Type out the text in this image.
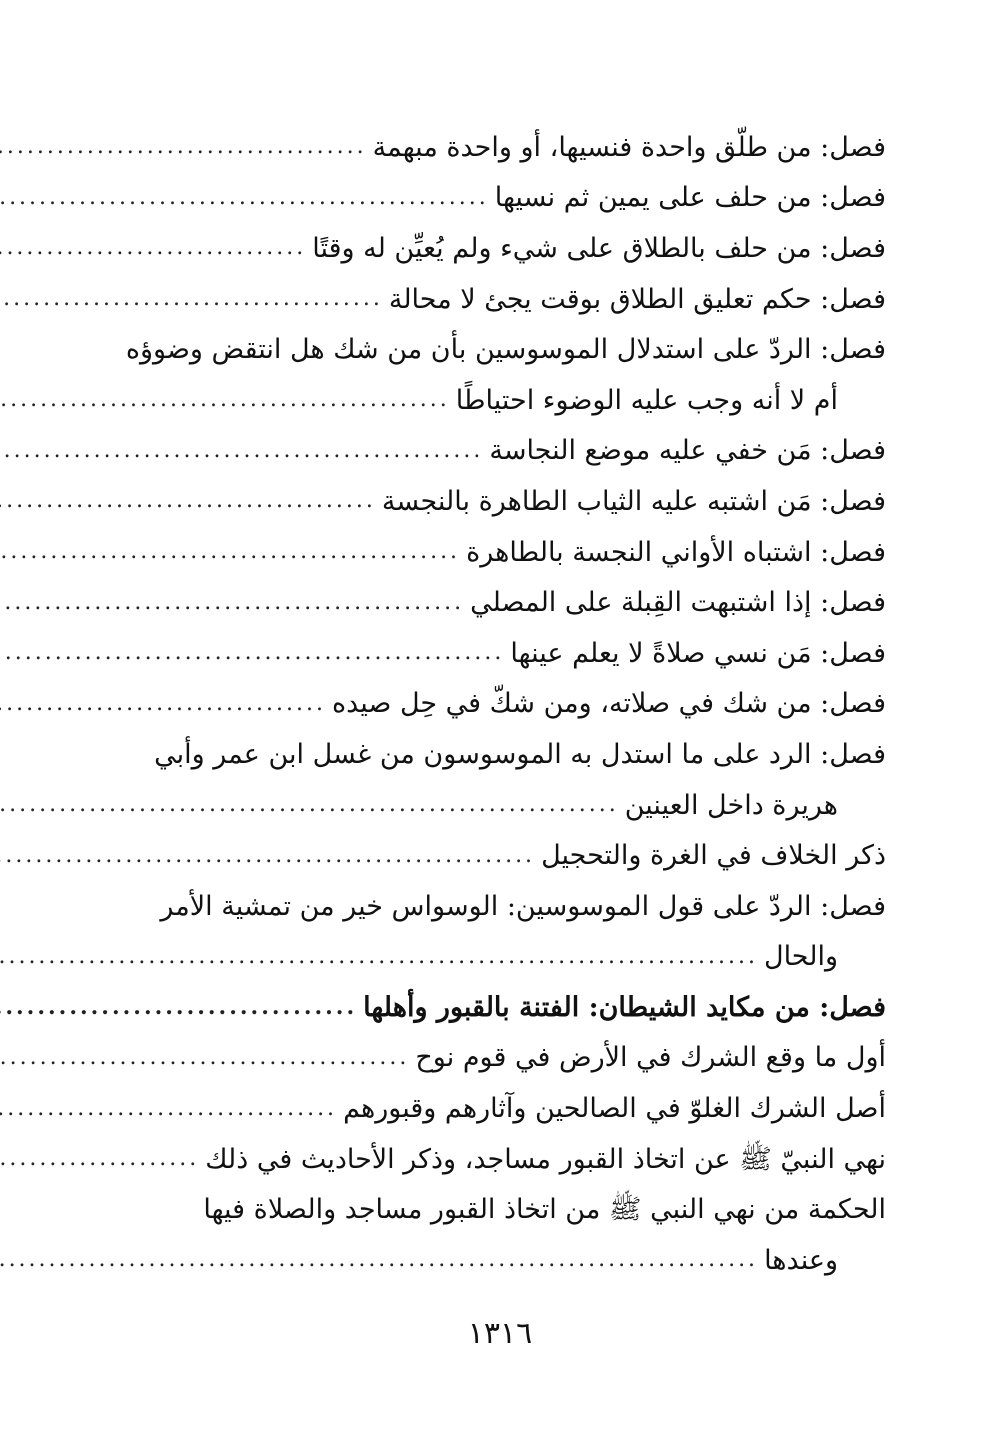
فصل: من طلّق واحدة فنسيها، أو واحدة مبهمة
.....
فصل: من حلف على يمين ثم نسيها
.....
فصل: من حلف بالطلاق على شيء ولم يُعيِّن له وقتًا
.....
فصل: حكم تعليق الطلاق بوقت يجئ لا محالة
.....
فصل: الردّ على استدلال الموسوسين بأن من شك هل انتقض وضوؤه
أم لا أنه وجب عليه الوضوء احتياطًا
.....
فصل: مَن خفي عليه موضع النجاسة
.....
فصل: مَن اشتبه عليه الثياب الطاهرة بالنجسة
.....
فصل: اشتباه الأواني النجسة بالطاهرة
.....
فصل: إذا اشتبهت القِبلة على المصلي
.....
فصل: مَن نسي صلاةً لا يعلم عينها
.....
فصل: من شك في صلاته، ومن شكّ في حِل صيده
.....
فصل: الرد على ما استدل به الموسوسون من غسل ابن عمر وأبي
هريرة داخل العينين
.....
ذكر الخلاف في الغرة والتحجيل
.....
فصل: الردّ على قول الموسوسين: الوسواس خير من تمشية الأمر
والحال
.....
فصل: من مكايد الشيطان: الفتنة بالقبور وأهلها
.....
أول ما وقع الشرك في الأرض في قوم نوح
.....
أصل الشرك الغلوّ في الصالحين وآثارهم وقبورهم
.....
نهي النبيّ ﷺ عن اتخاذ القبور مساجد، وذكر الأحاديث في ذلك
.....
الحكمة من نهي النبي ﷺ من اتخاذ القبور مساجد والصلاة فيها
وعندها
.....
١٣١٦
